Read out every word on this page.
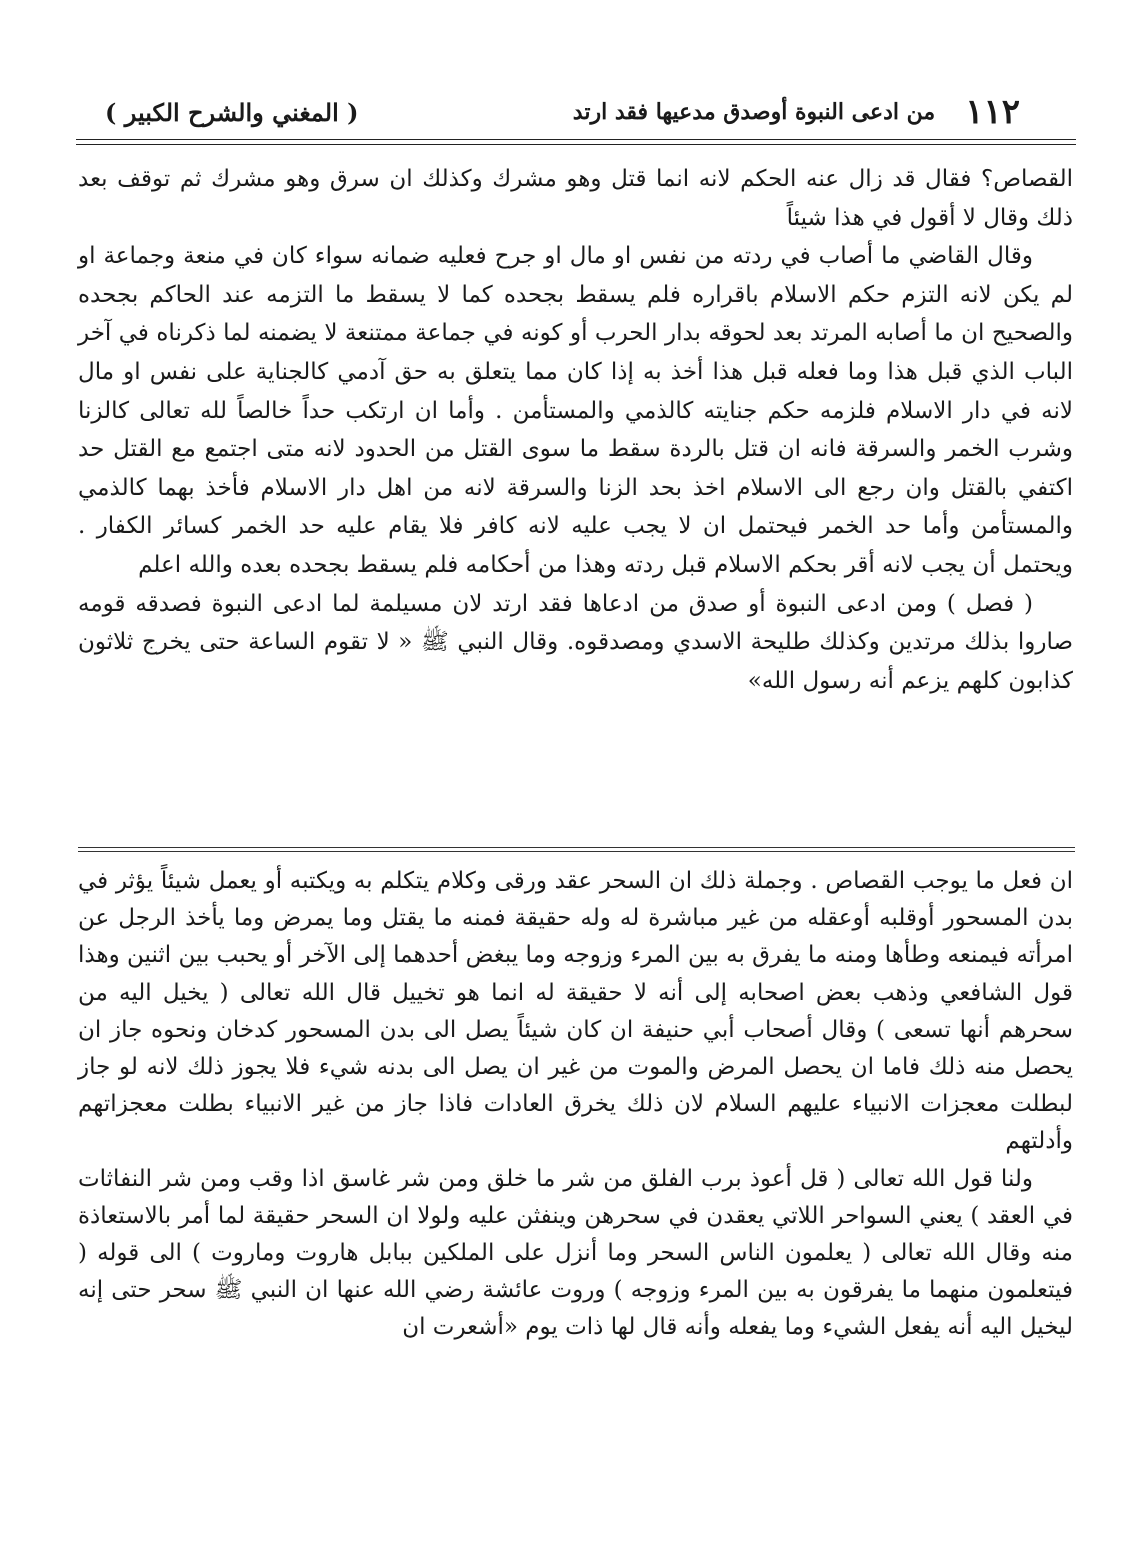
١١٢
من ادعى النبوة أوصدق مدعيها فقد ارتد
( المغني والشرح الكبير )

القصاص؟ فقال قد زال عنه الحكم لانه انما قتل وهو مشرك وكذلك ان سرق وهو مشرك ثم توقف بعد ذلك وقال لا أقول في هذا شيئاً

وقال القاضي ما أصاب في ردته من نفس او مال او جرح فعليه ضمانه سواء كان في منعة وجماعة او لم يكن لانه التزم حكم الاسلام باقراره فلم يسقط بجحده كما لا يسقط ما التزمه عند الحاكم بجحده والصحيح ان ما أصابه المرتد بعد لحوقه بدار الحرب أو كونه في جماعة ممتنعة لا يضمنه لما ذكرناه في آخر الباب الذي قبل هذا وما فعله قبل هذا أخذ به إذا كان مما يتعلق به حق آدمي كالجناية على نفس او مال لانه في دار الاسلام فلزمه حكم جنايته كالذمي والمستأمن . وأما ان ارتكب حداً خالصاً لله تعالى كالزنا وشرب الخمر والسرقة فانه ان قتل بالردة سقط ما سوى القتل من الحدود لانه متى اجتمع مع القتل حد اكتفي بالقتل وان رجع الى الاسلام اخذ بحد الزنا والسرقة لانه من اهل دار الاسلام فأخذ بهما كالذمي والمستأمن وأما حد الخمر فيحتمل ان لا يجب عليه لانه كافر فلا يقام عليه حد الخمر كسائر الكفار . ويحتمل أن يجب لانه أقر بحكم الاسلام قبل ردته وهذا من أحكامه فلم يسقط بجحده بعده والله اعلم

( فصل ) ومن ادعى النبوة أو صدق من ادعاها فقد ارتد لان مسيلمة لما ادعى النبوة فصدقه قومه صاروا بذلك مرتدين وكذلك طليحة الاسدي ومصدقوه. وقال النبي ﷺ « لا تقوم الساعة حتى يخرج ثلاثون كذابون كلهم يزعم أنه رسول الله»

ان فعل ما يوجب القصاص . وجملة ذلك ان السحر عقد ورقى وكلام يتكلم به ويكتبه أو يعمل شيئاً يؤثر في بدن المسحور أوقلبه أوعقله من غير مباشرة له وله حقيقة فمنه ما يقتل وما يمرض وما يأخذ الرجل عن امرأته فيمنعه وطأها ومنه ما يفرق به بين المرء وزوجه وما يبغض أحدهما إلى الآخر أو يحبب بين اثنين وهذا قول الشافعي وذهب بعض اصحابه إلى أنه لا حقيقة له انما هو تخييل قال الله تعالى ( يخيل اليه من سحرهم أنها تسعى ) وقال أصحاب أبي حنيفة ان كان شيئاً يصل الى بدن المسحور كدخان ونحوه جاز ان يحصل منه ذلك فاما ان يحصل المرض والموت من غير ان يصل الى بدنه شيء فلا يجوز ذلك لانه لو جاز لبطلت معجزات الانبياء عليهم السلام لان ذلك يخرق العادات فاذا جاز من غير الانبياء بطلت معجزاتهم وأدلتهم

ولنا قول الله تعالى ( قل أعوذ برب الفلق من شر ما خلق ومن شر غاسق اذا وقب ومن شر النفاثات في العقد ) يعني السواحر اللاتي يعقدن في سحرهن وينفثن عليه ولولا ان السحر حقيقة لما أمر بالاستعاذة منه وقال الله تعالى ( يعلمون الناس السحر وما أنزل على الملكين ببابل هاروت وماروت ) الى قوله ( فيتعلمون منهما ما يفرقون به بين المرء وزوجه ) وروت عائشة رضي الله عنها ان النبي ﷺ سحر حتى إنه ليخيل اليه أنه يفعل الشيء وما يفعله وأنه قال لها ذات يوم «أشعرت ان
